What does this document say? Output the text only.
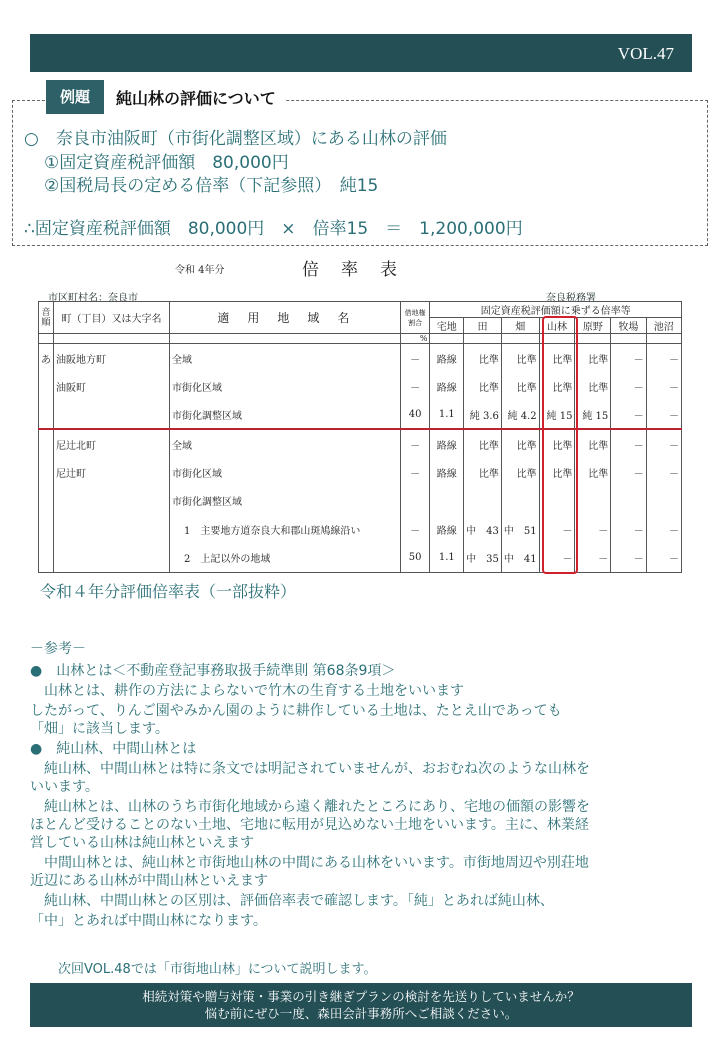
VOL.47
例題	純山林の評価について
○　奈良市油阪町（市街化調整区域）にある山林の評価
①固定資産税評価額　80,000円
②国税局長の定める倍率（下記参照）　純15
∴固定資産税評価額　80,000円　×　倍率15　＝　1,200,000円
令和 4年分	倍率表
市区町村名：奈良市	奈良税務署
音順	町（丁目）又は大字名	適　用　地　域　名	借地権割合	固定資産税評価額に乗ずる倍率等						
				宅地	田	畑	山林	原野	牧場	池沼
			%							
あ	油阪地方町	全域	－	路線	比準	比準	比準	比準	－	－
	油阪町	市街化区域	－	路線	比準	比準	比準	比準	－	－
		市街化調整区域	40	1.1	純 3.6	純 4.2	純 15	純 15	－	－
	尼辻北町	全域	－	路線	比準	比準	比準	比準	－	－
	尼辻町	市街化区域	－	路線	比準	比準	比準	比準	－	－
		市街化調整区域								
		1　主要地方道奈良大和郡山斑鳩線沿い	－	路線	中　43	中　51	－	－	－	－
		2　上記以外の地域	50	1.1	中　35	中　41	－	－	－	－
令和４年分評価倍率表（一部抜粋）
－参考－
●　山林とは＜不動産登記事務取扱手続準則 第68条9項＞
　山林とは、耕作の方法によらないで竹木の生育する土地をいいます
したがって、りんご園やみかん園のように耕作している土地は、たとえ山であっても
「畑」に該当します。
●　純山林、中間山林とは
　純山林、中間山林とは特に条文では明記されていませんが、おおむね次のような山林を
いいます。
　純山林とは、山林のうち市街化地域から遠く離れたところにあり、宅地の価額の影響を
ほとんど受けることのない土地、宅地に転用が見込めない土地をいいます。主に、林業経
営している山林は純山林といえます
　中間山林とは、純山林と市街地山林の中間にある山林をいいます。市街地周辺や別荘地
近辺にある山林が中間山林といえます
　純山林、中間山林との区別は、評価倍率表で確認します。「純」とあれば純山林、
「中」とあれば中間山林になります。
次回VOL.48では「市街地山林」について説明します。
相続対策や贈与対策・事業の引き継ぎプランの検討を先送りしていませんか？
悩む前にぜひ一度、森田会計事務所へご相談ください。
